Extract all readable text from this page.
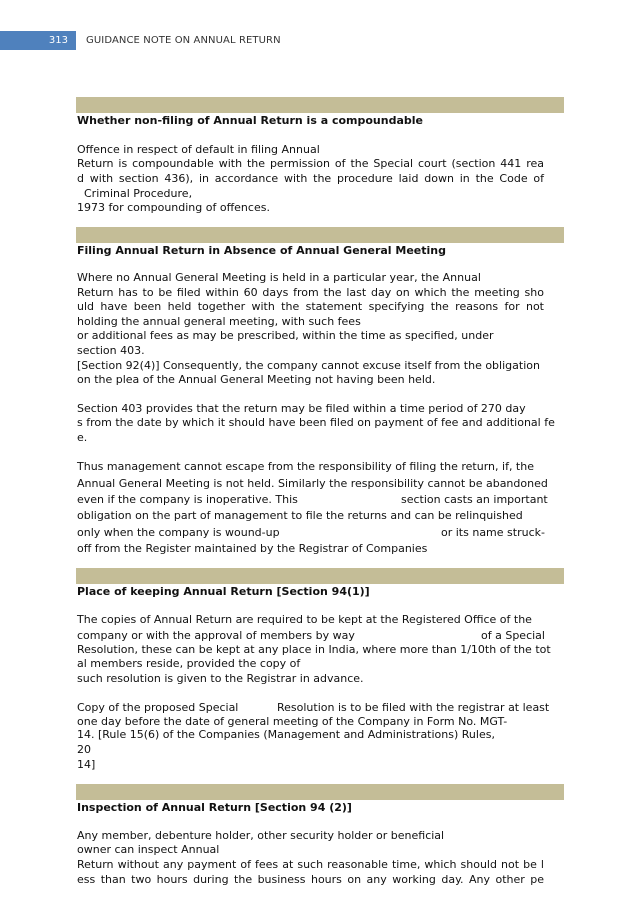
313 GUIDANCE NOTE ON ANNUAL RETURN
Whether non-filing of Annual Return is a compoundable
Offence in respect of default in filing Annual
Return is compoundable with the permission of the Special court (section 441 rea
d with section 436), in accordance with the procedure laid down in the Code of
Criminal Procedure,
1973 for compounding of offences.
Filing Annual Return in Absence of Annual General Meeting
Where no Annual General Meeting is held in a particular year, the Annual
Return has to be filed within 60 days from the last day on which the meeting sho
uld have been held together with the statement specifying the reasons for not
holding the annual general meeting, with such fees
or additional fees as may be prescribed, within the time as specified, under
section 403.
[Section 92(4)] Consequently, the company cannot excuse itself from the obligation
on the plea of the Annual General Meeting not having been held.
Section 403 provides that the return may be filed within a time period of 270 day
s from the date by which it should have been filed on payment of fee and additional fe
e.
Thus management cannot escape from the responsibility of filing the return, if, the
Annual General Meeting is not held. Similarly the responsibility cannot be abandoned
even if the company is inoperative. This	section casts an important
obligation on the part of management to file the returns and can be relinquished
only when the company is wound-up	or its name struck-
off from the Register maintained by the Registrar of Companies
Place of keeping Annual Return [Section 94(1)]
The copies of Annual Return are required to be kept at the Registered Office of the
company or with the approval of members by way	of a Special
Resolution, these can be kept at any place in India, where more than 1/10th of the tot
al members reside, provided the copy of
such resolution is given to the Registrar in advance.
Copy of the proposed Special	Resolution is to be filed with the registrar at least
one day before the date of general meeting of the Company in Form No. MGT-
14. [Rule 15(6) of the Companies (Management and Administrations) Rules,
20
14]
Inspection of Annual Return [Section 94 (2)]
Any member, debenture holder, other security holder or beneficial
owner can inspect Annual
Return without any payment of fees at such reasonable time, which should not be l
ess than two hours during the business hours on any working day. Any other pe
